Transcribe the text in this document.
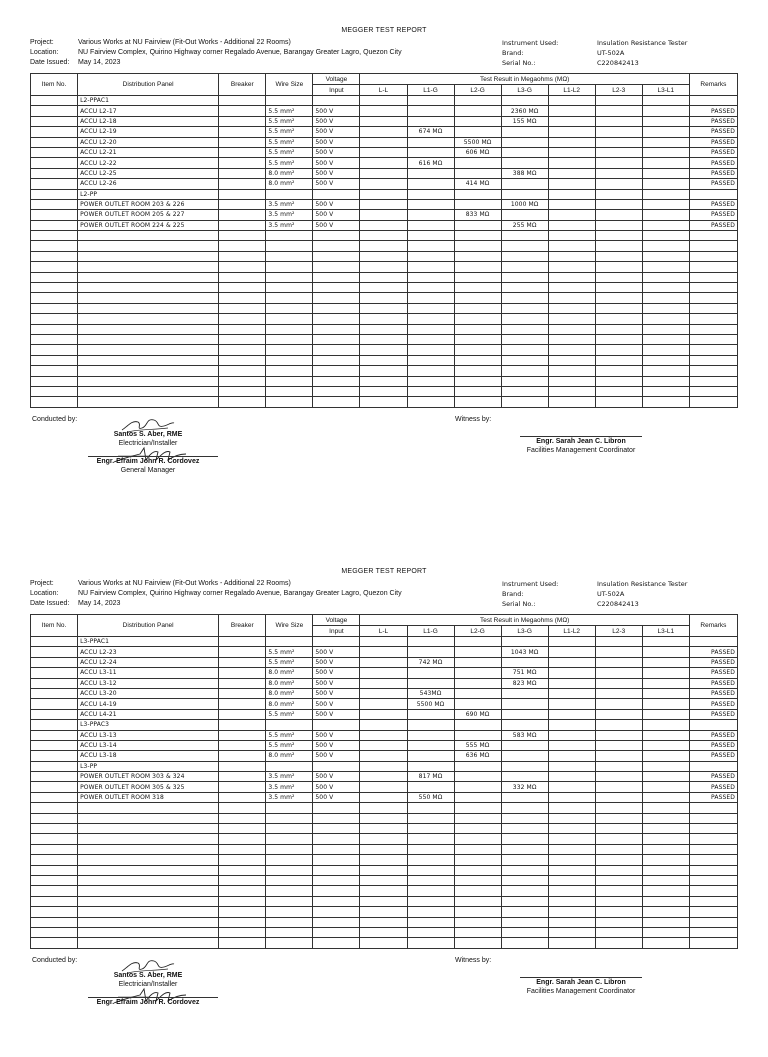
MEGGER TEST REPORT
Project:	Various Works at NU Fairview (Fit-Out Works - Additional 22 Rooms)
Location:	NU Fairview Complex, Quirino Highway corner Regalado Avenue, Barangay Greater Lagro, Quezon City
Date Issued:	May 14, 2023
Instrument Used:	Insulation Resistance Tester
Brand:	UT-502A
Serial No.:	C220842413
Item No.	Distribution Panel	Breaker	Wire Size	Voltage	Test Result in Megaohms (MΩ)							Remarks
				Input	L-L	L1-G	L2-G	L3-G	L1-L2	L2-3	L3-L1	
	L2-PPAC1											
	ACCU L2-17		5.5 mm²	500 V				2360 MΩ				PASSED
	ACCU L2-18		5.5 mm²	500 V				155 MΩ				PASSED
	ACCU L2-19		5.5 mm²	500 V		674 MΩ						PASSED
	ACCU L2-20		5.5 mm²	500 V			5500 MΩ					PASSED
	ACCU L2-21		5.5 mm²	500 V			606 MΩ					PASSED
	ACCU L2-22		5.5 mm²	500 V		616 MΩ						PASSED
	ACCU L2-25		8.0 mm²	500 V				388 MΩ				PASSED
	ACCU L2-26		8.0 mm²	500 V			414 MΩ					PASSED
	L2-PP											
	POWER OUTLET ROOM 203 & 226		3.5 mm²	500 V				1000 MΩ				PASSED
	POWER OUTLET ROOM 205 & 227		3.5 mm²	500 V			833 MΩ					PASSED
	POWER OUTLET ROOM 224 & 225		3.5 mm²	500 V				255 MΩ				PASSED

Conducted by:	Witness by:
Santos S. Aber, RME
Electrician/Installer
Engr. Efraim John R. Cordovez
General Manager
Engr. Sarah Jean C. Libron
Facilities Management Coordinator
MEGGER TEST REPORT
Project:	Various Works at NU Fairview (Fit-Out Works - Additional 22 Rooms)
Location:	NU Fairview Complex, Quirino Highway corner Regalado Avenue, Barangay Greater Lagro, Quezon City
Date Issued:	May 14, 2023
Instrument Used:	Insulation Resistance Tester
Brand:	UT-502A
Serial No.:	C220842413
Item No.	Distribution Panel	Breaker	Wire Size	Voltage	Test Result in Megaohms (MΩ)							Remarks
				Input	L-L	L1-G	L2-G	L3-G	L1-L2	L2-3	L3-L1	
	L3-PPAC1											
	ACCU L2-23		5.5 mm²	500 V				1043 MΩ				PASSED
	ACCU L2-24		5.5 mm²	500 V		742 MΩ						PASSED
	ACCU L3-11		8.0 mm²	500 V				751 MΩ				PASSED
	ACCU L3-12		8.0 mm²	500 V				823 MΩ				PASSED
	ACCU L3-20		8.0 mm²	500 V		543MΩ						PASSED
	ACCU L4-19		8.0 mm²	500 V		5500 MΩ						PASSED
	ACCU L4-21		5.5 mm²	500 V			690 MΩ					PASSED
	L3-PPAC3											
	ACCU L3-13		5.5 mm²	500 V				583 MΩ				PASSED
	ACCU L3-14		5.5 mm²	500 V			555 MΩ					PASSED
	ACCU L3-18		8.0 mm²	500 V			636 MΩ					PASSED
	L3-PP											
	POWER OUTLET ROOM 303 & 324		3.5 mm²	500 V		817 MΩ						PASSED
	POWER OUTLET ROOM 305 & 325		3.5 mm²	500 V				332 MΩ				PASSED
	POWER OUTLET ROOM 318		3.5 mm²	500 V		550 MΩ						PASSED

Conducted by:	Witness by:
Santos S. Aber, RME
Electrician/Installer
Engr. Efraim John R. Cordovez
Engr. Sarah Jean C. Libron
Facilities Management Coordinator
